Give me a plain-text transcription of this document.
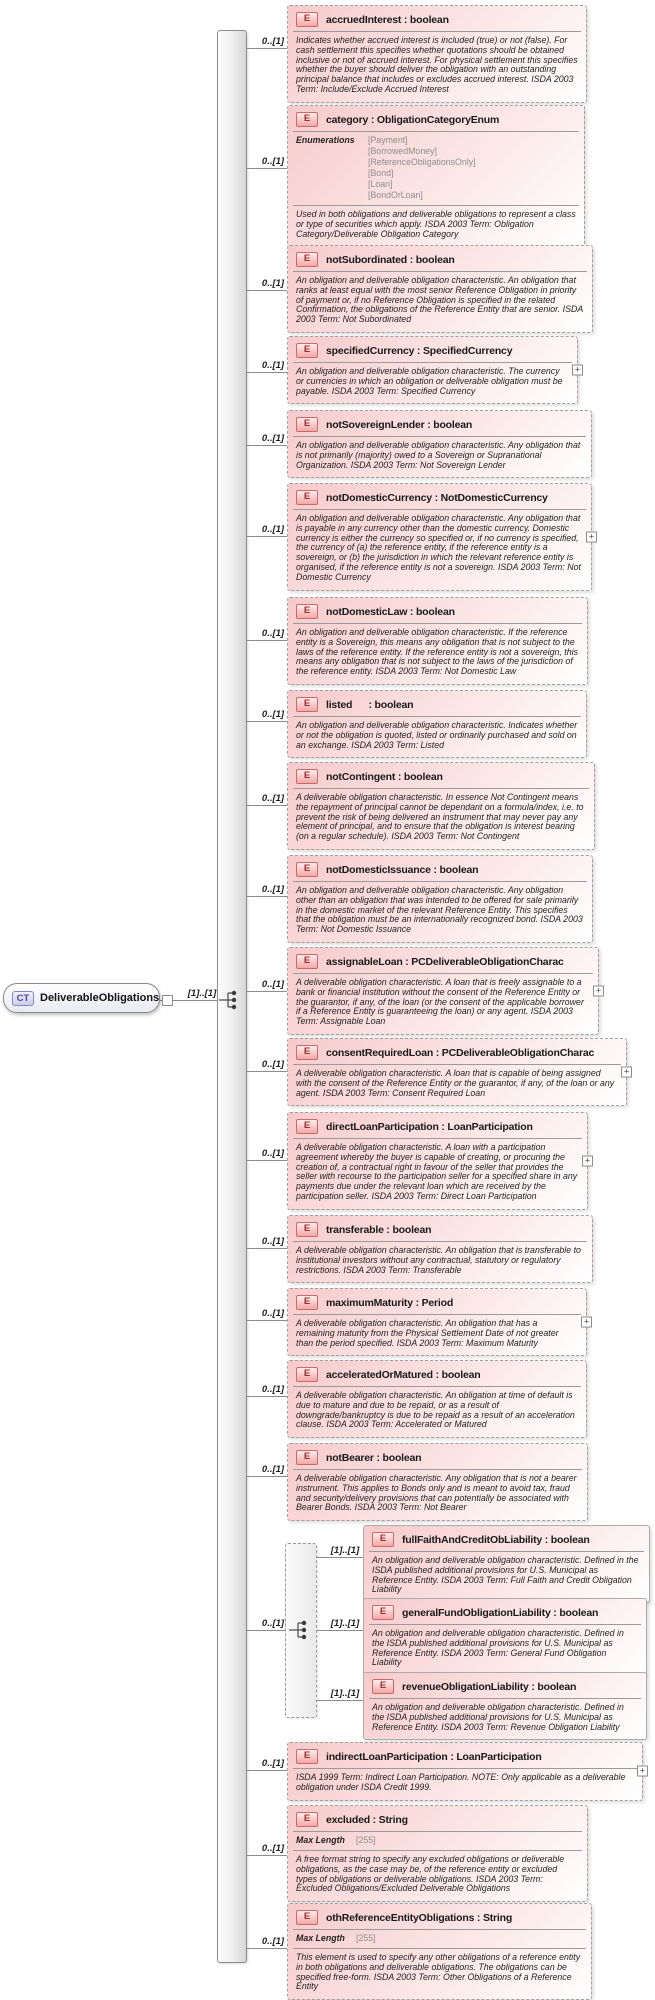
CT DeliverableObligations	[1]..[1]
0..[1]
E	accruedInterest : boolean
Indicates whether accrued interest is included (true) or not (false). For cash settlement this specifies whether quotations should be obtained inclusive or not of accrued interest. For physical settlement this specifies whether the buyer should deliver the obligation with an outstanding principal balance that includes or excludes accrued interest. ISDA 2003 Term: Include/Exclude Accrued Interest
0..[1]
E	category : ObligationCategoryEnum
Enumerations	[Payment]
[BorrowedMoney]
[ReferenceObligationsOnly]
[Bond]
[Loan]
[BondOrLoan]
Used in both obligations and deliverable obligations to represent a class or type of securities which apply. ISDA 2003 Term: Obligation Category/Deliverable Obligation Category
0..[1]
E	notSubordinated : boolean
An obligation and deliverable obligation characteristic. An obligation that ranks at least equal with the most senior Reference Obligation in priority of payment or, if no Reference Obligation is specified in the related Confirmation, the obligations of the Reference Entity that are senior. ISDA 2003 Term: Not Subordinated
0..[1]
E	specifiedCurrency : SpecifiedCurrency
An obligation and deliverable obligation characteristic. The currency or currencies in which an obligation or deliverable obligation must be payable. ISDA 2003 Term: Specified Currency
+
0..[1]
E	notSovereignLender : boolean
An obligation and deliverable obligation characteristic. Any obligation that is not primarily (majority) owed to a Sovereign or Supranational Organization. ISDA 2003 Term: Not Sovereign Lender
0..[1]
E	notDomesticCurrency : NotDomesticCurrency
An obligation and deliverable obligation characteristic. Any obligation that is payable in any currency other than the domestic currency. Domestic currency is either the currency so specified or, if no currency is specified, the currency of (a) the reference entity, if the reference entity is a sovereign, or (b) the jurisdiction in which the relevant reference entity is organised, if the reference entity is not a sovereign. ISDA 2003 Term: Not Domestic Currency
+
0..[1]
E	notDomesticLaw : boolean
An obligation and deliverable obligation characteristic. If the reference entity is a Sovereign, this means any obligation that is not subject to the laws of the reference entity. If the reference entity is not a sovereign, this means any obligation that is not subject to the laws of the jurisdiction of the reference entity. ISDA 2003 Term: Not Domestic Law
0..[1]
E	listed      : boolean
An obligation and deliverable obligation characteristic. Indicates whether or not the obligation is quoted, listed or ordinarily purchased and sold on an exchange. ISDA 2003 Term: Listed
0..[1]
E	notContingent : boolean
A deliverable obligation characteristic. In essence Not Contingent means the repayment of principal cannot be dependant on a formula/index, i.e. to prevent the risk of being delivered an instrument that may never pay any element of principal, and to ensure that the obligation is interest bearing (on a regular schedule). ISDA 2003 Term: Not Contingent
0..[1]
E	notDomesticIssuance : boolean
An obligation and deliverable obligation characteristic. Any obligation other than an obligation that was intended to be offered for sale primarily in the domestic market of the relevant Reference Entity. This specifies that the obligation must be an internationally recognized bond. ISDA 2003 Term: Not Domestic Issuance
0..[1]
E	assignableLoan : PCDeliverableObligationCharac
A deliverable obligation characteristic. A loan that is freely assignable to a bank or financial institution without the consent of the Reference Entity or the guarantor, if any, of the loan (or the consent of the applicable borrower if a Reference Entity is guaranteeing the loan) or any agent. ISDA 2003 Term: Assignable Loan
+
0..[1]
E	consentRequiredLoan : PCDeliverableObligationCharac
A deliverable obligation characteristic. A loan that is capable of being assigned with the consent of the Reference Entity or the guarantor, if any, of the loan or any agent. ISDA 2003 Term: Consent Required Loan
+
0..[1]
E	directLoanParticipation : LoanParticipation
A deliverable obligation characteristic. A loan with a participation agreement whereby the buyer is capable of creating, or procuring the creation of, a contractual right in favour of the seller that provides the seller with recourse to the participation seller for a specified share in any payments due under the relevant loan which are received by the participation seller. ISDA 2003 Term: Direct Loan Participation
+
0..[1]
E	transferable : boolean
A deliverable obligation characteristic. An obligation that is transferable to institutional investors without any contractual, statutory or regulatory restrictions. ISDA 2003 Term: Transferable
0..[1]
E	maximumMaturity : Period
A deliverable obligation characteristic. An obligation that has a remaining maturity from the Physical Settlement Date of not greater than the period specified. ISDA 2003 Term: Maximum Maturity
+
0..[1]
E	acceleratedOrMatured : boolean
A deliverable obligation characteristic. An obligation at time of default is due to mature and due to be repaid, or as a result of downgrade/bankruptcy is due to be repaid as a result of an acceleration clause. ISDA 2003 Term: Accelerated or Matured
0..[1]
E	notBearer : boolean
A deliverable obligation characteristic. Any obligation that is not a bearer instrument. This applies to Bonds only and is meant to avoid tax, fraud and security/delivery provisions that can potentially be associated with Bearer Bonds. ISDA 2003 Term: Not Bearer
0..[1]
[1]..[1]
E	fullFaithAndCreditObLiability : boolean
An obligation and deliverable obligation characteristic. Defined in the ISDA published additional provisions for U.S. Municipal as Reference Entity. ISDA 2003 Term: Full Faith and Credit Obligation Liability
[1]..[1]
E	generalFundObligationLiability : boolean
An obligation and deliverable obligation characteristic. Defined in the ISDA published additional provisions for U.S. Municipal as Reference Entity. ISDA 2003 Term: General Fund Obligation Liability
[1]..[1]
E	revenueObligationLiability : boolean
An obligation and deliverable obligation characteristic. Defined in the ISDA published additional provisions for U.S. Municipal as Reference Entity. ISDA 2003 Term: Revenue Obligation Liability
0..[1]
E	indirectLoanParticipation : LoanParticipation
ISDA 1999 Term: Indirect Loan Participation. NOTE: Only applicable as a deliverable obligation under ISDA Credit 1999.
+
0..[1]
E	excluded : String
Max Length	[255]
A free format string to specify any excluded obligations or deliverable obligations, as the case may be, of the reference entity or excluded types of obligations or deliverable obligations. ISDA 2003 Term: Excluded Obligations/Excluded Deliverable Obligations
0..[1]
E	othReferenceEntityObligations : String
Max Length	[255]
This element is used to specify any other obligations of a reference entity in both obligations and deliverable obligations. The obligations can be specified free-form. ISDA 2003 Term: Other Obligations of a Reference Entity
